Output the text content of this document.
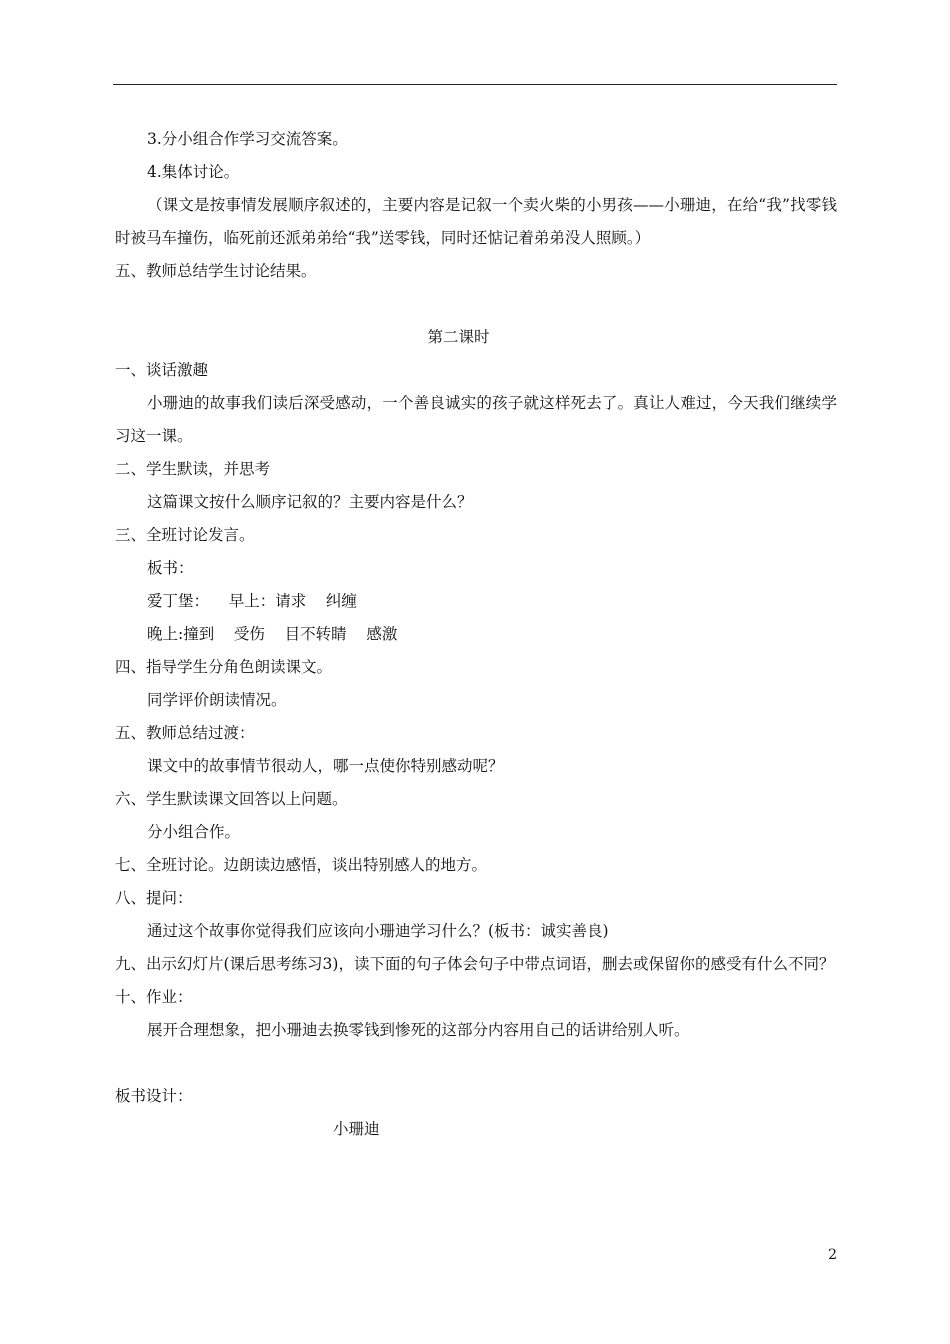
3.分小组合作学习交流答案。
4.集体讨论。
（课文是按事情发展顺序叙述的，主要内容是记叙一个卖火柴的小男孩——小珊迪，在给“我”找零钱时被马车撞伤，临死前还派弟弟给“我”送零钱，同时还惦记着弟弟没人照顾。）
五、教师总结学生讨论结果。
第二课时
一、谈话激趣
小珊迪的故事我们读后深受感动，一个善良诚实的孩子就这样死去了。真让人难过，今天我们继续学习这一课。
二、学生默读，并思考
这篇课文按什么顺序记叙的？主要内容是什么？
三、全班讨论发言。
板书：
爱丁堡：    早上：请求    纠缠
晚上:撞到    受伤    目不转睛    感激
四、指导学生分角色朗读课文。
同学评价朗读情况。
五、教师总结过渡：
课文中的故事情节很动人，哪一点使你特别感动呢？
六、学生默读课文回答以上问题。
分小组合作。
七、全班讨论。边朗读边感悟，谈出特别感人的地方。
八、提问：
通过这个故事你觉得我们应该向小珊迪学习什么？(板书：诚实善良)
九、出示幻灯片(课后思考练习3)，读下面的句子体会句子中带点词语，删去或保留你的感受有什么不同？
十、作业：
展开合理想象，把小珊迪去换零钱到惨死的这部分内容用自己的话讲给别人听。
板书设计：
小珊迪
2
